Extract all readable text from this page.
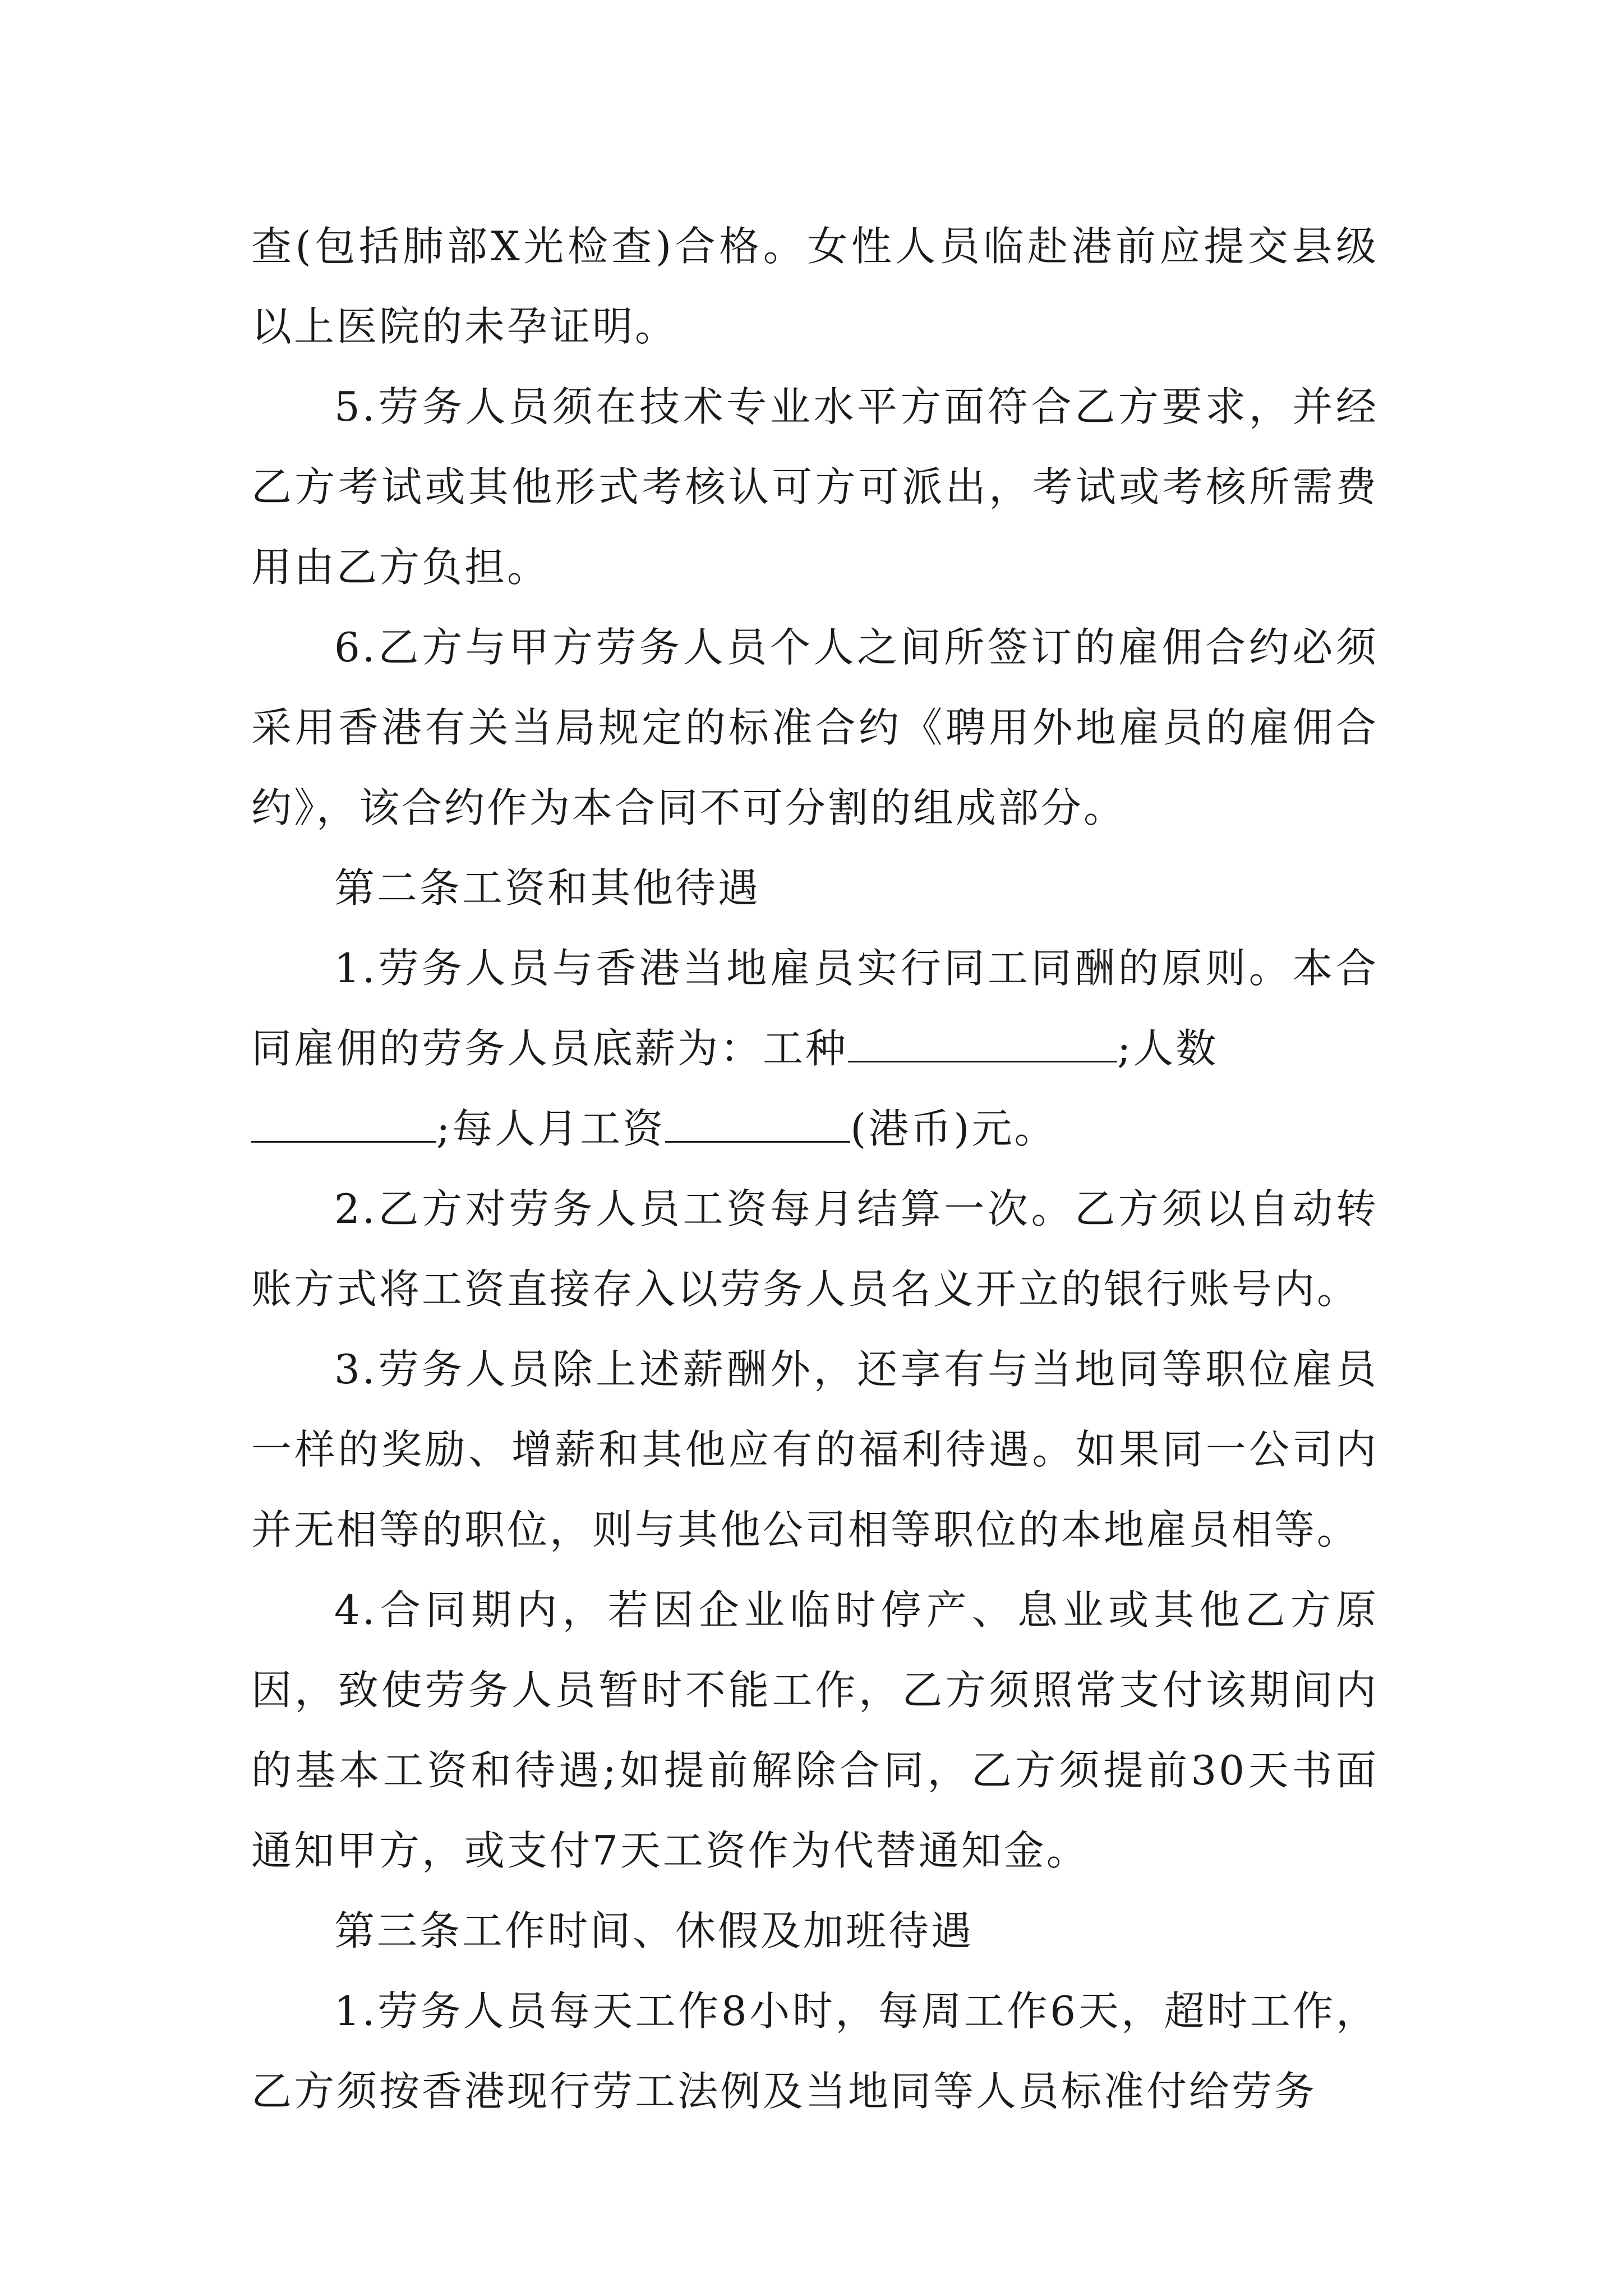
查(包括肺部X光检查)合格。女性人员临赴港前应提交县级以上医院的未孕证明。

5.劳务人员须在技术专业水平方面符合乙方要求，并经乙方考试或其他形式考核认可方可派出，考试或考核所需费用由乙方负担。

6.乙方与甲方劳务人员个人之间所签订的雇佣合约必须采用香港有关当局规定的标准合约《聘用外地雇员的雇佣合约》，该合约作为本合同不可分割的组成部分。

第二条工资和其他待遇

1.劳务人员与香港当地雇员实行同工同酬的原则。本合同雇佣的劳务人员底薪为：工种	;人数
;每人月工资	(港币)元。

2.乙方对劳务人员工资每月结算一次。乙方须以自动转账方式将工资直接存入以劳务人员名义开立的银行账号内。

3.劳务人员除上述薪酬外，还享有与当地同等职位雇员一样的奖励、增薪和其他应有的福利待遇。如果同一公司内并无相等的职位，则与其他公司相等职位的本地雇员相等。

4.合同期内，若因企业临时停产、息业或其他乙方原因，致使劳务人员暂时不能工作，乙方须照常支付该期间内的基本工资和待遇;如提前解除合同，乙方须提前30天书面通知甲方，或支付7天工资作为代替通知金。

第三条工作时间、休假及加班待遇

1.劳务人员每天工作8小时，每周工作6天，超时工作，乙方须按香港现行劳工法例及当地同等人员标准付给劳务
